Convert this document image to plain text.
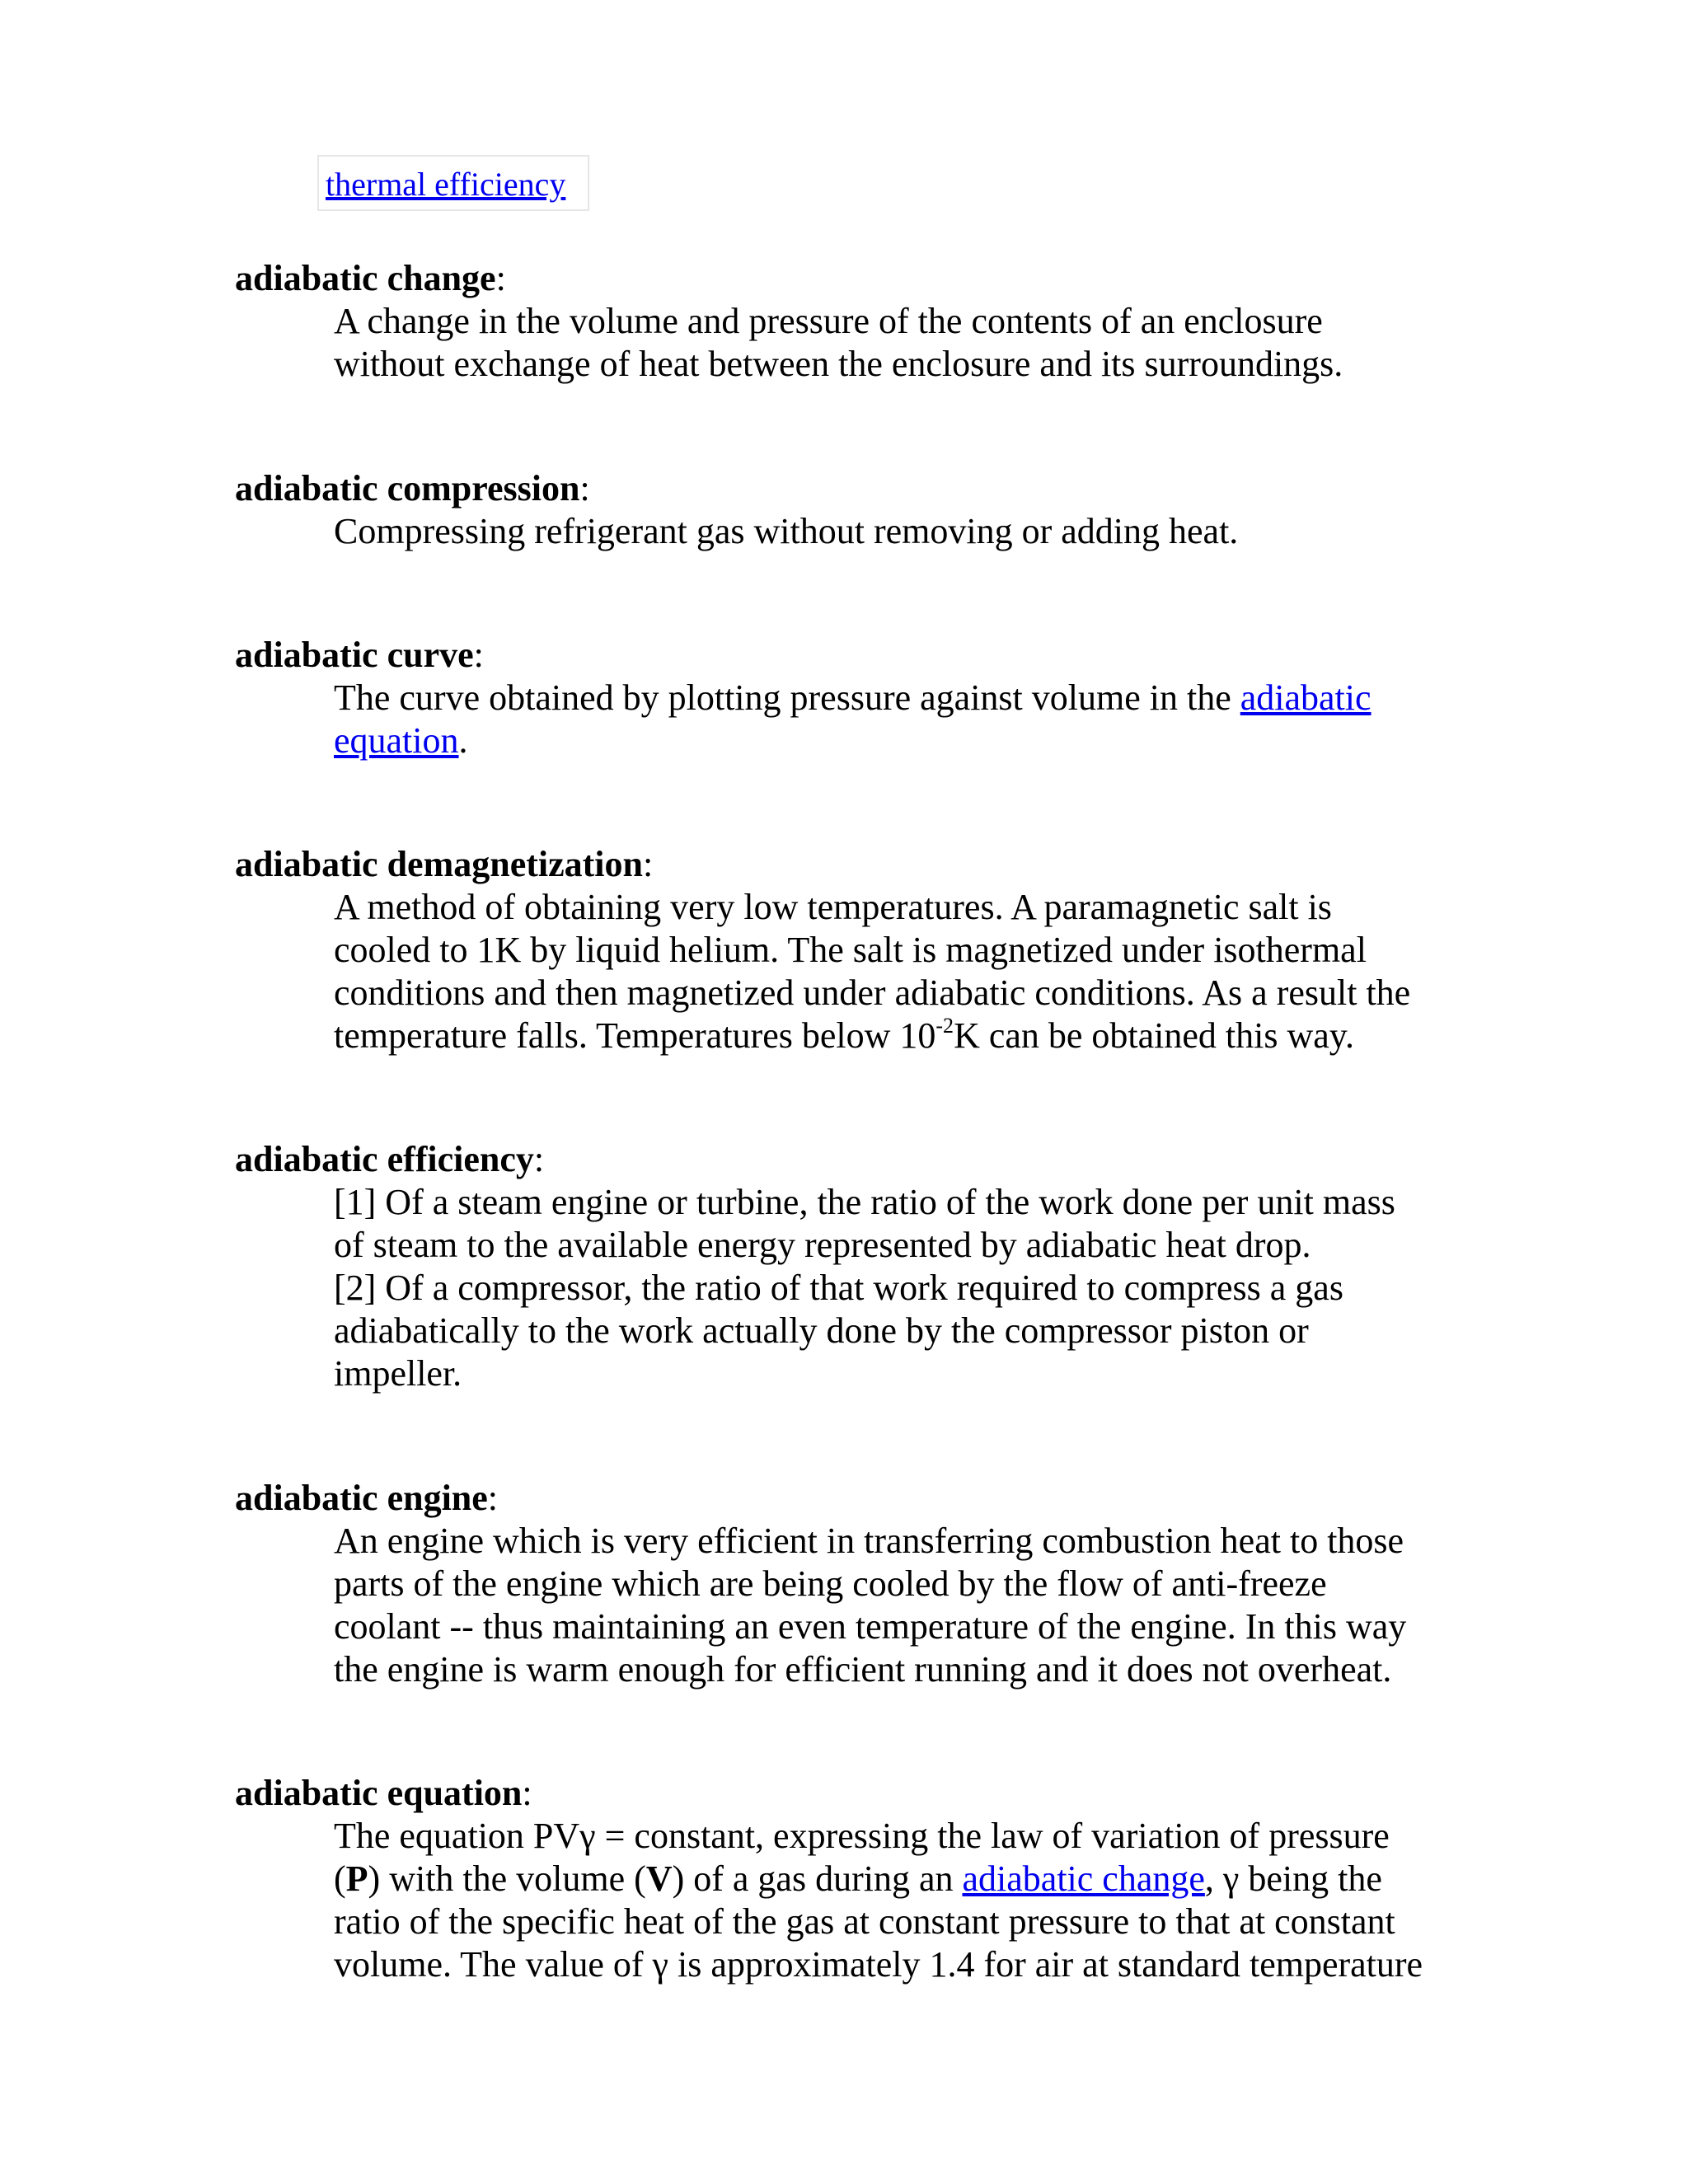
thermal efficiency
adiabatic change:
A change in the volume and pressure of the contents of an enclosure
without exchange of heat between the enclosure and its surroundings.
adiabatic compression:
Compressing refrigerant gas without removing or adding heat.
adiabatic curve:
The curve obtained by plotting pressure against volume in the adiabatic
equation.
adiabatic demagnetization:
A method of obtaining very low temperatures. A paramagnetic salt is
cooled to 1K by liquid helium. The salt is magnetized under isothermal
conditions and then magnetized under adiabatic conditions. As a result the
temperature falls. Temperatures below $10^{-2}K$ can be obtained this way.
adiabatic efficiency:
[1] Of a steam engine or turbine, the ratio of the work done per unit mass
of steam to the available energy represented by adiabatic heat drop.
[2] Of a compressor, the ratio of that work required to compress a gas
adiabatically to the work actually done by the compressor piston or
impeller.
adiabatic engine:
An engine which is very efficient in transferring combustion heat to those
parts of the engine which are being cooled by the flow of anti-freeze
coolant -- thus maintaining an even temperature of the engine. In this way
the engine is warm enough for efficient running and it does not overheat.
adiabatic equation:
The equation PVγ = constant, expressing the law of variation of pressure
(P) with the volume (V) of a gas during an adiabatic change, γ being the
ratio of the specific heat of the gas at constant pressure to that at constant
volume. The value of γ is approximately 1.4 for air at standard temperature
